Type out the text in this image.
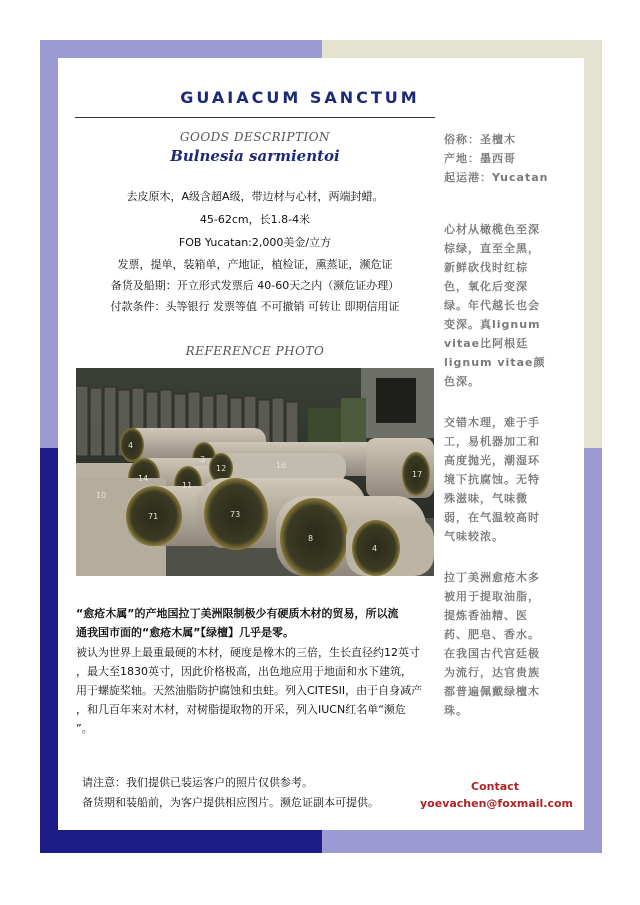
GUAIACUM SANCTUM
GOODS DESCRIPTION
Bulnesia sarmientoi
去皮原木，A级含超A级，带边材与心材，两端封蜡。
45-62cm，长1.8-4米
FOB Yucatan:2,000美金/立方
发票，提单，装箱单，产地证，植检证，熏蒸证，濒危证
备货及船期：开立形式发票后 40-60天之内（濒危证办理）
付款条件：头等银行 发票等值 不可撤销 可转让 即期信用证
REFERENCE PHOTO
4
3
14
11
12
71	73
8
4
17
10
16
俗称：圣檀木
产地：墨西哥
起运港：Yucatan
心材从橄榄色至深
棕绿，直至全黑，
新鲜砍伐时红棕
色，氧化后变深
绿。年代越长也会
变深。真lignum
vitae比阿根廷
lignum vitae颜
色深。
交错木理，难于手
工，易机器加工和
高度抛光，潮湿环
境下抗腐蚀。无特
殊滋味，气味微
弱，在气温较高时
气味较浓。
拉丁美洲愈疮木多
被用于提取油脂，
提炼香油精、医
药、肥皂、香水。
在我国古代宫廷极
为流行，达官贵族
都普遍佩戴绿檀木
珠。
“愈疮木属”的产地国拉丁美洲限制极少有硬质木材的贸易，所以流
通我国市面的“愈疮木属”【绿檀】几乎是零。
被认为世界上最重最硬的木材，硬度是橡木的三倍，生长直径约12英寸
，最大至1830英寸，因此价格极高，出色地应用于地面和水下建筑，
用于螺旋桨轴。天然油脂防护腐蚀和虫蛀。列入CITESII，由于自身减产
，和几百年来对木材，对树脂提取物的开采，列入IUCN红名单“濒危
”。
请注意：我们提供已装运客户的照片仅供参考。
备货期和装船前，为客户提供相应图片。濒危证副本可提供。
Contact
yoevachen@foxmail.com
